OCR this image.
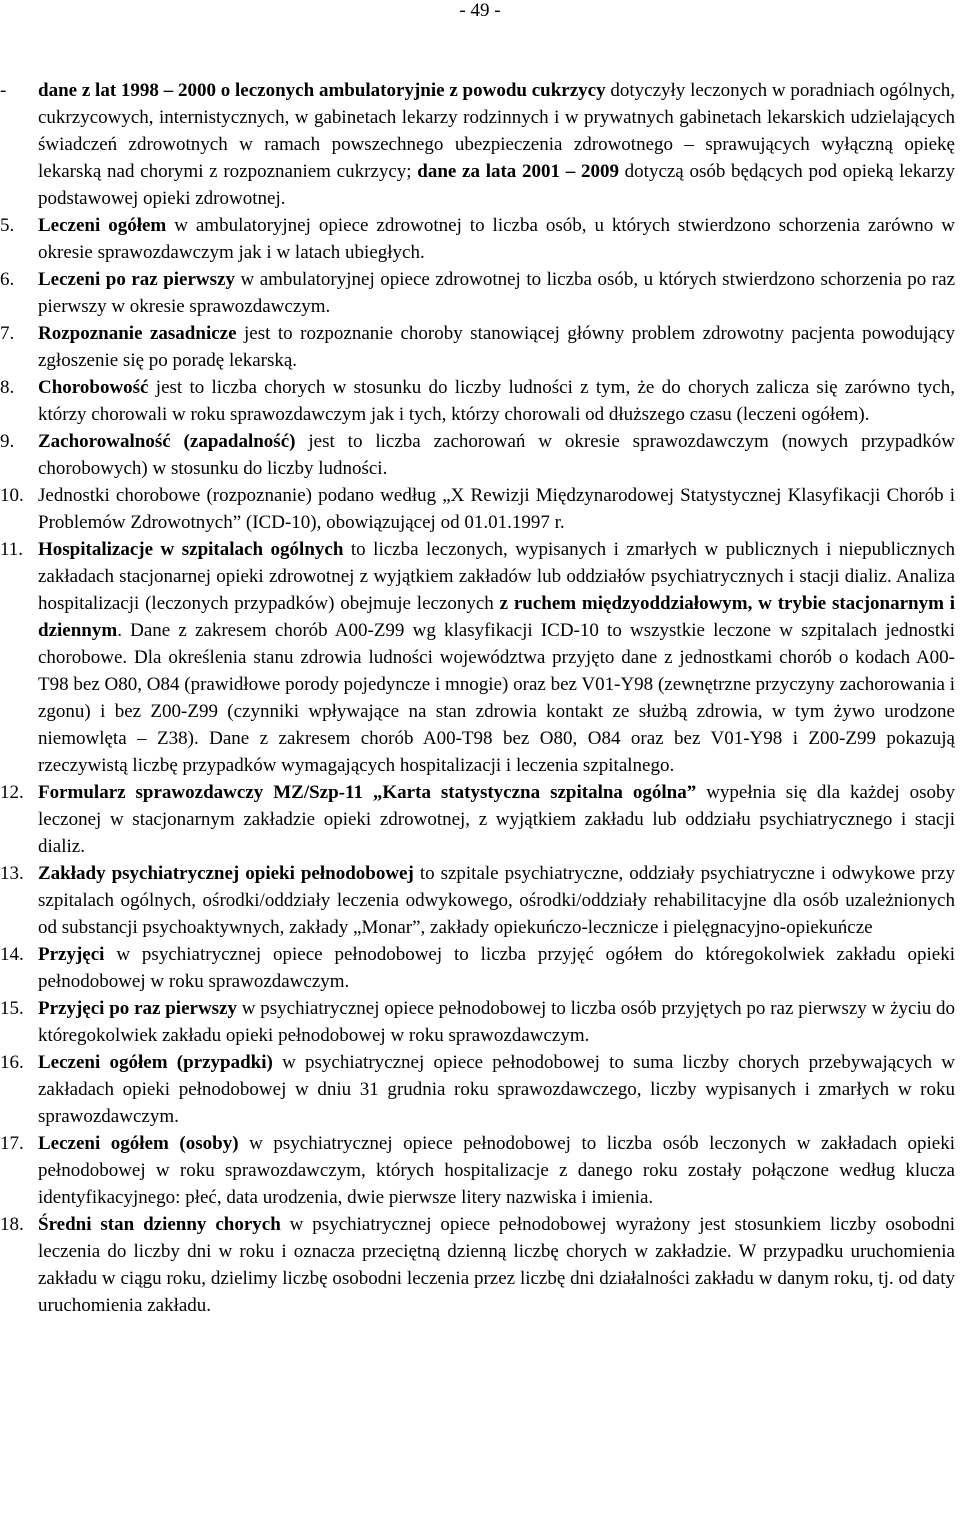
- 49 -
- dane z lat 1998 – 2000 o leczonych ambulatoryjnie z powodu cukrzycy dotyczyły leczonych w poradniach ogólnych, cukrzycowych, internistycznych, w gabinetach lekarzy rodzinnych i w prywatnych gabinetach lekarskich udzielających świadczeń zdrowotnych w ramach powszechnego ubezpieczenia zdrowotnego – sprawujących wyłączną opiekę lekarską nad chorymi z rozpoznaniem cukrzycy; dane za lata 2001 – 2009 dotyczą osób będących pod opieką lekarzy podstawowej opieki zdrowotnej.
5. Leczeni ogółem w ambulatoryjnej opiece zdrowotnej to liczba osób, u których stwierdzono schorzenia zarówno w okresie sprawozdawczym jak i w latach ubiegłych.
6. Leczeni po raz pierwszy w ambulatoryjnej opiece zdrowotnej to liczba osób, u których stwierdzono schorzenia po raz pierwszy w okresie sprawozdawczym.
7. Rozpoznanie zasadnicze jest to rozpoznanie choroby stanowiącej główny problem zdrowotny pacjenta powodujący zgłoszenie się po poradę lekarską.
8. Chorobowość jest to liczba chorych w stosunku do liczby ludności z tym, że do chorych zalicza się zarówno tych, którzy chorowali w roku sprawozdawczym jak i tych, którzy chorowali od dłuższego czasu (leczeni ogółem).
9. Zachorowalność (zapadalność) jest to liczba zachorowań w okresie sprawozdawczym (nowych przypadków chorobowych) w stosunku do liczby ludności.
10. Jednostki chorobowe (rozpoznanie) podano według „X Rewizji Międzynarodowej Statystycznej Klasyfikacji Chorób i Problemów Zdrowotnych” (ICD-10), obowiązującej od 01.01.1997 r.
11. Hospitalizacje w szpitalach ogólnych to liczba leczonych, wypisanych i zmarłych w publicznych i niepublicznych zakładach stacjonarnej opieki zdrowotnej z wyjątkiem zakładów lub oddziałów psychiatrycznych i stacji dializ. Analiza hospitalizacji (leczonych przypadków) obejmuje leczonych z ruchem międzyoddziałowym, w trybie stacjonarnym i dziennym. Dane z zakresem chorób A00-Z99 wg klasyfikacji ICD-10 to wszystkie leczone w szpitalach jednostki chorobowe. Dla określenia stanu zdrowia ludności województwa przyjęto dane z jednostkami chorób o kodach A00-T98 bez O80, O84 (prawidłowe porody pojedyncze i mnogie) oraz bez V01-Y98 (zewnętrzne przyczyny zachorowania i zgonu) i bez Z00-Z99 (czynniki wpływające na stan zdrowia kontakt ze służbą zdrowia, w tym żywo urodzone niemowlęta – Z38). Dane z zakresem chorób A00-T98 bez O80, O84 oraz bez V01-Y98 i Z00-Z99 pokazują rzeczywistą liczbę przypadków wymagających hospitalizacji i leczenia szpitalnego.
12. Formularz sprawozdawczy MZ/Szp-11 „Karta statystyczna szpitalna ogólna” wypełnia się dla każdej osoby leczonej w stacjonarnym zakładzie opieki zdrowotnej, z wyjątkiem zakładu lub oddziału psychiatrycznego i stacji dializ.
13. Zakłady psychiatrycznej opieki pełnodobowej to szpitale psychiatryczne, oddziały psychiatryczne i odwykowe przy szpitalach ogólnych, ośrodki/oddziały leczenia odwykowego, ośrodki/oddziały rehabilitacyjne dla osób uzależnionych od substancji psychoaktywnych, zakłady „Monar”, zakłady opiekuńczo-lecznicze i pielęgnacyjno-opiekuńcze
14. Przyjęci w psychiatrycznej opiece pełnodobowej to liczba przyjęć ogółem do któregokolwiek zakładu opieki pełnodobowej w roku sprawozdawczym.
15. Przyjęci po raz pierwszy w psychiatrycznej opiece pełnodobowej to liczba osób przyjętych po raz pierwszy w życiu do któregokolwiek zakładu opieki pełnodobowej w roku sprawozdawczym.
16. Leczeni ogółem (przypadki) w psychiatrycznej opiece pełnodobowej to suma liczby chorych przebywających w zakładach opieki pełnodobowej w dniu 31 grudnia roku sprawozdawczego, liczby wypisanych i zmarłych w roku sprawozdawczym.
17. Leczeni ogółem (osoby) w psychiatrycznej opiece pełnodobowej to liczba osób leczonych w zakładach opieki pełnodobowej w roku sprawozdawczym, których hospitalizacje z danego roku zostały połączone według klucza identyfikacyjnego: płeć, data urodzenia, dwie pierwsze litery nazwiska i imienia.
18. Średni stan dzienny chorych w psychiatrycznej opiece pełnodobowej wyrażony jest stosunkiem liczby osobodni leczenia do liczby dni w roku i oznacza przeciętną dzienną liczbę chorych w zakładzie. W przypadku uruchomienia zakładu w ciągu roku, dzielimy liczbę osobodni leczenia przez liczbę dni działalności zakładu w danym roku, tj. od daty uruchomienia zakładu.
